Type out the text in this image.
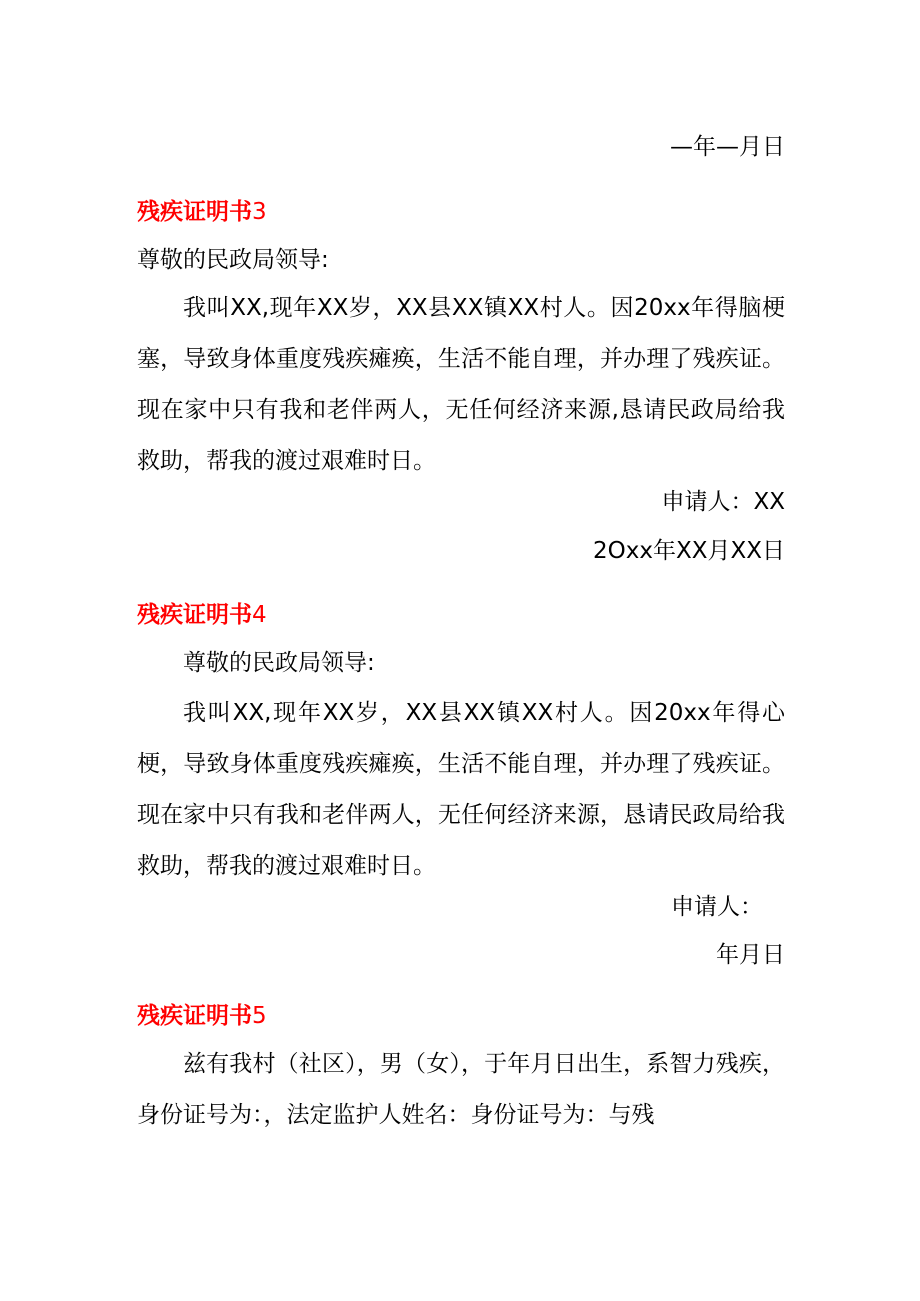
—年—月日
残疾证明书3
尊敬的民政局领导:
我叫XX,现年XX岁，XX县XX镇XX村人。因20xx年得脑梗塞，导致身体重度残疾瘫痪，生活不能自理，并办理了残疾证。现在家中只有我和老伴两人，无任何经济来源,恳请民政局给我救助，帮我的渡过艰难时日。
申请人：XX
2Oxx年XX月XX日
残疾证明书4
尊敬的民政局领导:
我叫XX,现年XX岁，XX县XX镇XX村人。因20xx年得心梗，导致身体重度残疾瘫痪，生活不能自理，并办理了残疾证。现在家中只有我和老伴两人，无任何经济来源，恳请民政局给我救助，帮我的渡过艰难时日。
申请人：
年月日
残疾证明书5
兹有我村（社区），男（女），于年月日出生，系智力残疾，身份证号为：，法定监护人姓名：身份证号为：与残
